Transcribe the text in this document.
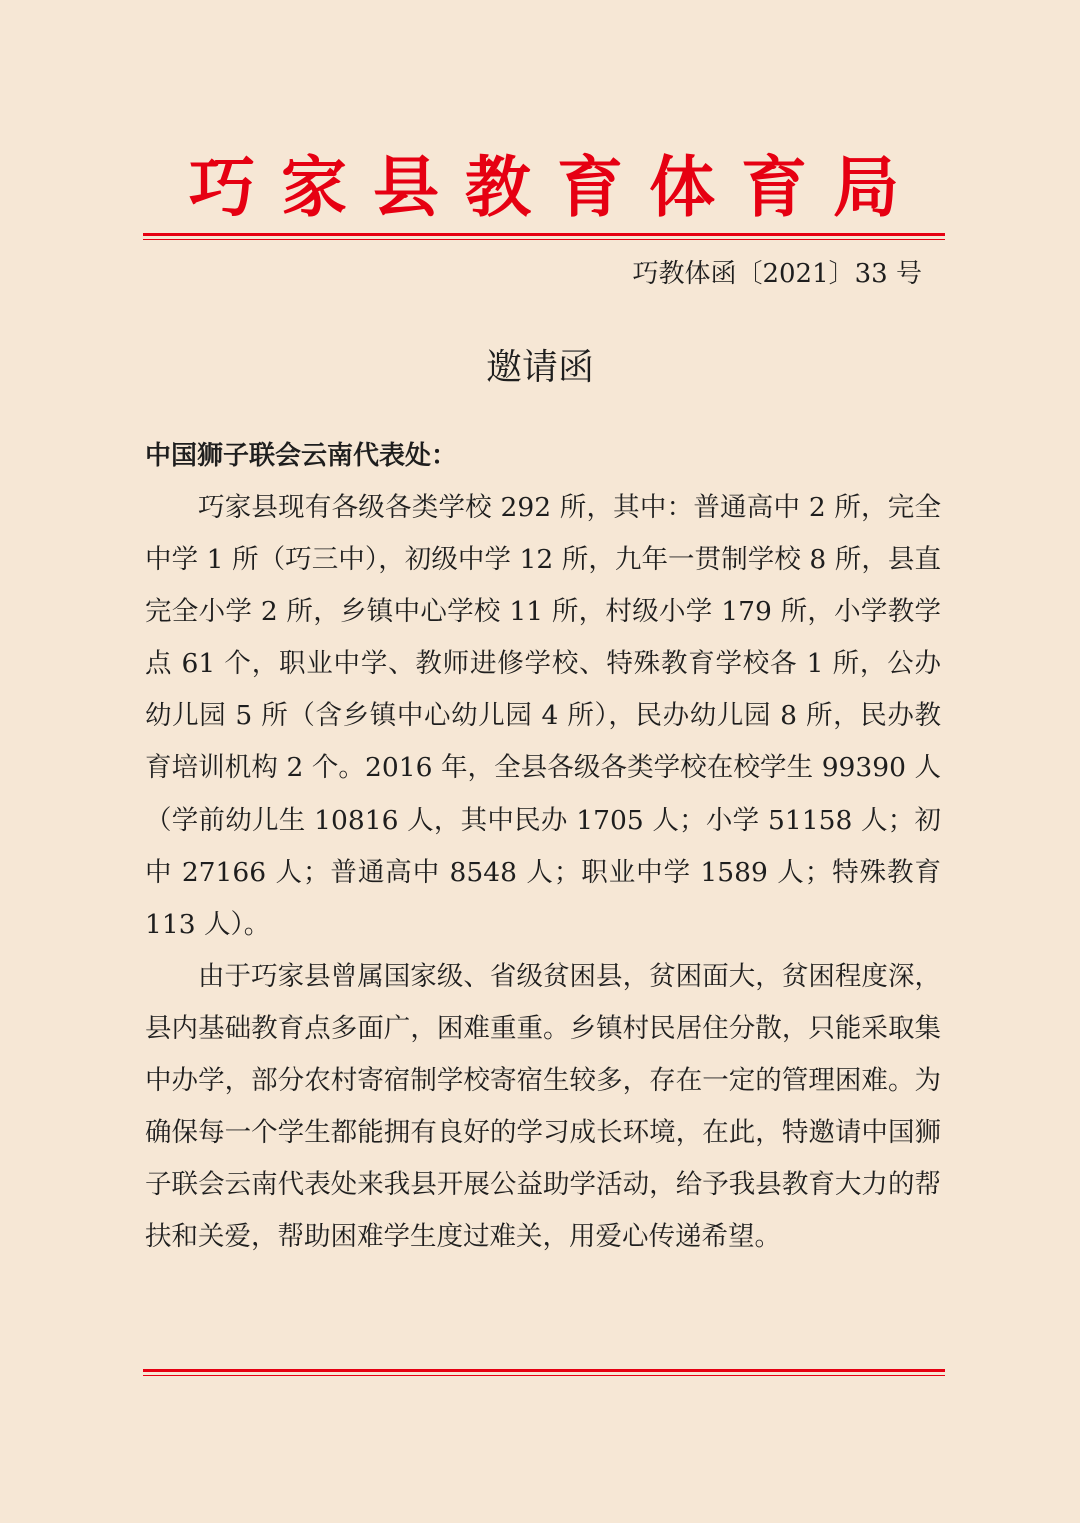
巧 家 县 教 育 体 育 局
巧教体函〔2021〕33 号
邀请函
中国狮子联会云南代表处：

巧家县现有各级各类学校 292 所，其中：普通高中 2 所，完全中学 1 所（巧三中），初级中学 12 所，九年一贯制学校 8 所，县直完全小学 2 所，乡镇中心学校 11 所，村级小学 179 所，小学教学点 61 个，职业中学、教师进修学校、特殊教育学校各 1 所，公办幼儿园 5 所（含乡镇中心幼儿园 4 所），民办幼儿园 8 所，民办教育培训机构 2 个。2016 年，全县各级各类学校在校学生 99390 人（学前幼儿生 10816 人，其中民办 1705 人；小学 51158 人；初中 27166 人；普通高中 8548 人；职业中学 1589 人；特殊教育 113 人）。

由于巧家县曾属国家级、省级贫困县，贫困面大，贫困程度深，县内基础教育点多面广，困难重重。乡镇村民居住分散，只能采取集中办学，部分农村寄宿制学校寄宿生较多，存在一定的管理困难。为确保每一个学生都能拥有良好的学习成长环境，在此，特邀请中国狮子联会云南代表处来我县开展公益助学活动，给予我县教育大力的帮扶和关爱，帮助困难学生度过难关，用爱心传递希望。
